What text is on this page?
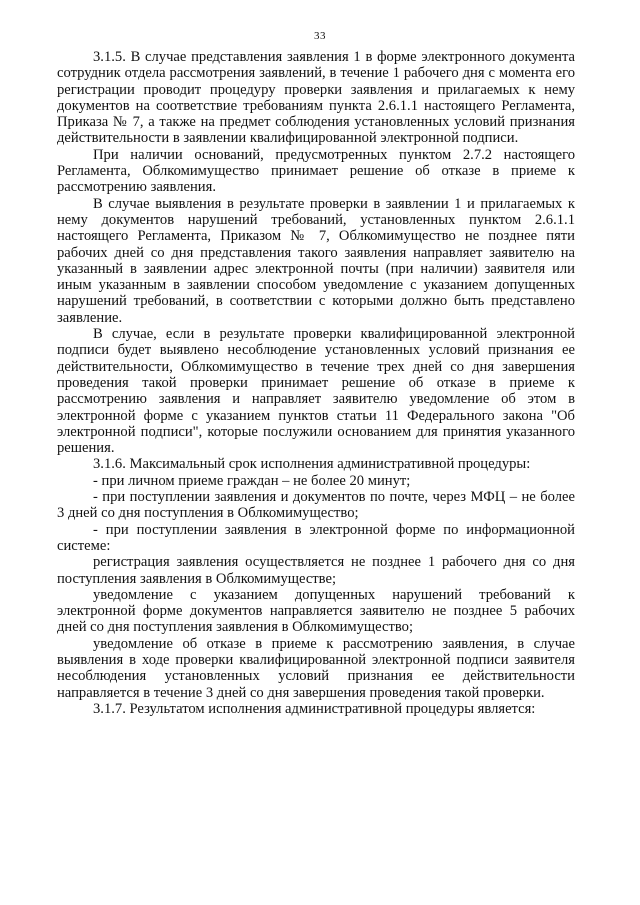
33

3.1.5. В случае представления заявления 1 в форме электронного документа сотрудник отдела рассмотрения заявлений, в течение 1 рабочего дня с момента его регистрации проводит процедуру проверки заявления и прилагаемых к нему документов на соответствие требованиям пункта 2.6.1.1 настоящего Регламента, Приказа № 7, а также на предмет соблюдения установленных условий признания действительности в заявлении квалифицированной электронной подписи.

При наличии оснований, предусмотренных пунктом 2.7.2 настоящего Регламента, Облкомимущество принимает решение об отказе в приеме к рассмотрению заявления.

В случае выявления в результате проверки в заявлении 1 и прилагаемых к нему документов нарушений требований, установленных пунктом 2.6.1.1 настоящего Регламента, Приказом № 7, Облкомимущество не позднее пяти рабочих дней со дня представления такого заявления направляет заявителю на указанный в заявлении адрес электронной почты (при наличии) заявителя или иным указанным в заявлении способом уведомление с указанием допущенных нарушений требований, в соответствии с которыми должно быть представлено заявление.

В случае, если в результате проверки квалифицированной электронной подписи будет выявлено несоблюдение установленных условий признания ее действительности, Облкомимущество в течение трех дней со дня завершения проведения такой проверки принимает решение об отказе в приеме к рассмотрению заявления и направляет заявителю уведомление об этом в электронной форме с указанием пунктов статьи 11 Федерального закона "Об электронной подписи", которые послужили основанием для принятия указанного решения.

3.1.6. Максимальный срок исполнения административной процедуры:

- при личном приеме граждан – не более 20 минут;

- при поступлении заявления и документов по почте, через МФЦ – не более 3 дней со дня поступления в Облкомимущество;

- при поступлении заявления в электронной форме по информационной системе:

регистрация заявления осуществляется не позднее 1 рабочего дня со дня поступления заявления в Облкомимуществе;

уведомление с указанием допущенных нарушений требований к электронной форме документов направляется заявителю не позднее 5 рабочих дней со дня поступления заявления в Облкомимущество;

уведомление об отказе в приеме к рассмотрению заявления, в случае выявления в ходе проверки квалифицированной электронной подписи заявителя несоблюдения установленных условий признания ее действительности направляется в течение 3 дней со дня завершения проведения такой проверки.

3.1.7. Результатом исполнения административной процедуры является:
